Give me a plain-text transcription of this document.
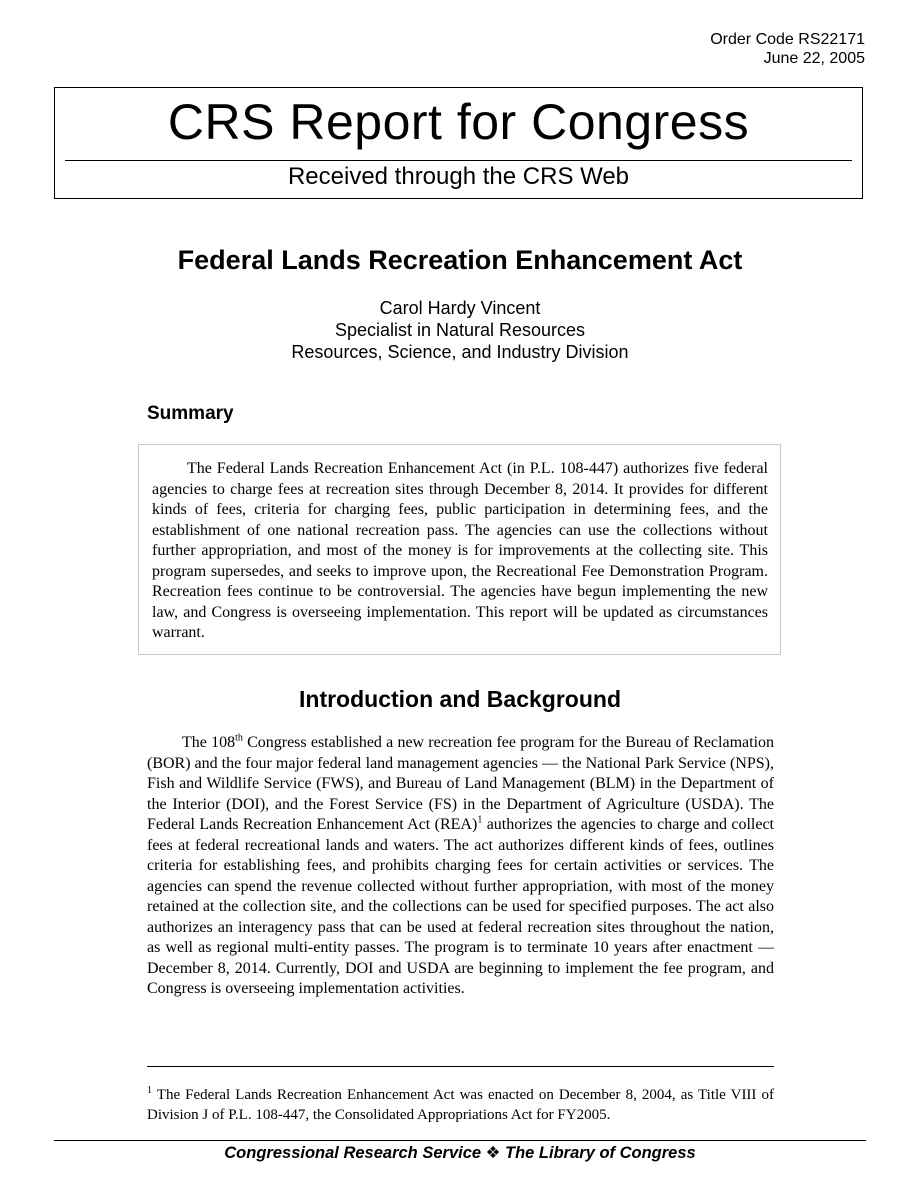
Order Code RS22171
June 22, 2005
CRS Report for Congress
Received through the CRS Web
Federal Lands Recreation Enhancement Act
Carol Hardy Vincent
Specialist in Natural Resources
Resources, Science, and Industry Division
Summary

The Federal Lands Recreation Enhancement Act (in P.L. 108-447) authorizes five federal agencies to charge fees at recreation sites through December 8, 2014. It provides for different kinds of fees, criteria for charging fees, public participation in determining fees, and the establishment of one national recreation pass. The agencies can use the collections without further appropriation, and most of the money is for improvements at the collecting site. This program supersedes, and seeks to improve upon, the Recreational Fee Demonstration Program. Recreation fees continue to be controversial. The agencies have begun implementing the new law, and Congress is overseeing implementation. This report will be updated as circumstances warrant.

Introduction and Background

The 108th Congress established a new recreation fee program for the Bureau of Reclamation (BOR) and the four major federal land management agencies — the National Park Service (NPS), Fish and Wildlife Service (FWS), and Bureau of Land Management (BLM) in the Department of the Interior (DOI), and the Forest Service (FS) in the Department of Agriculture (USDA). The Federal Lands Recreation Enhancement Act (REA)$^1$ authorizes the agencies to charge and collect fees at federal recreational lands and waters. The act authorizes different kinds of fees, outlines criteria for establishing fees, and prohibits charging fees for certain activities or services. The agencies can spend the revenue collected without further appropriation, with most of the money retained at the collection site, and the collections can be used for specified purposes. The act also authorizes an interagency pass that can be used at federal recreation sites throughout the nation, as well as regional multi-entity passes. The program is to terminate 10 years after enactment — December 8, 2014. Currently, DOI and USDA are beginning to implement the fee program, and Congress is overseeing implementation activities.

$^1$ The Federal Lands Recreation Enhancement Act was enacted on December 8, 2004, as Title VIII of Division J of P.L. 108-447, the Consolidated Appropriations Act for FY2005.

Congressional Research Service ❖ The Library of Congress
